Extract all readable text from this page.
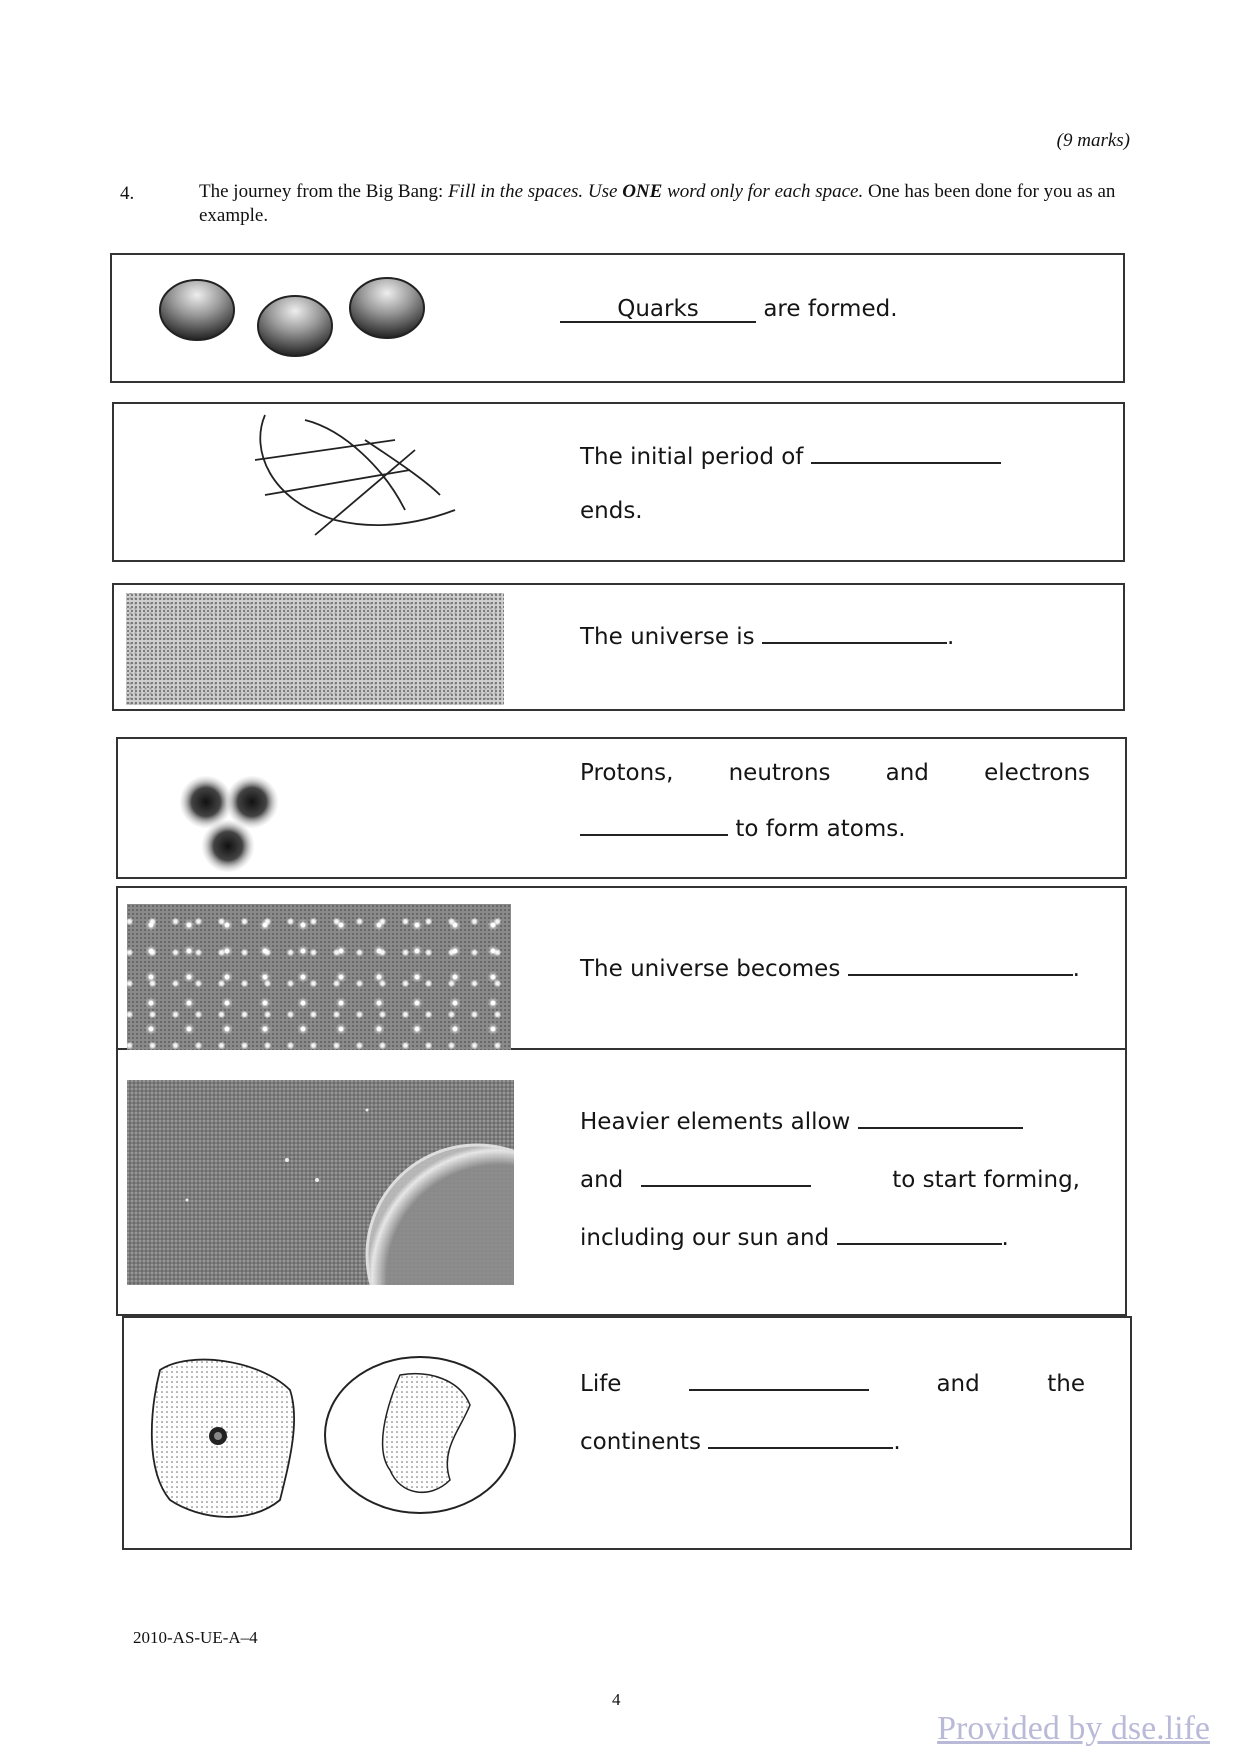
(9 marks)
4.	The journey from the Big Bang: Fill in the spaces. Use ONE word only for each space. One has been done for you as an example.
Quarks	are formed.
The initial period of
ends.
The universe is	.
Protons, neutrons and electrons
to form atoms.
The universe becomes	.
Heavier elements allow
and	to start forming,
including our sun and	.
Life	and	the
continents	.
2010-AS-UE-A–4
4
Provided by dse.life
